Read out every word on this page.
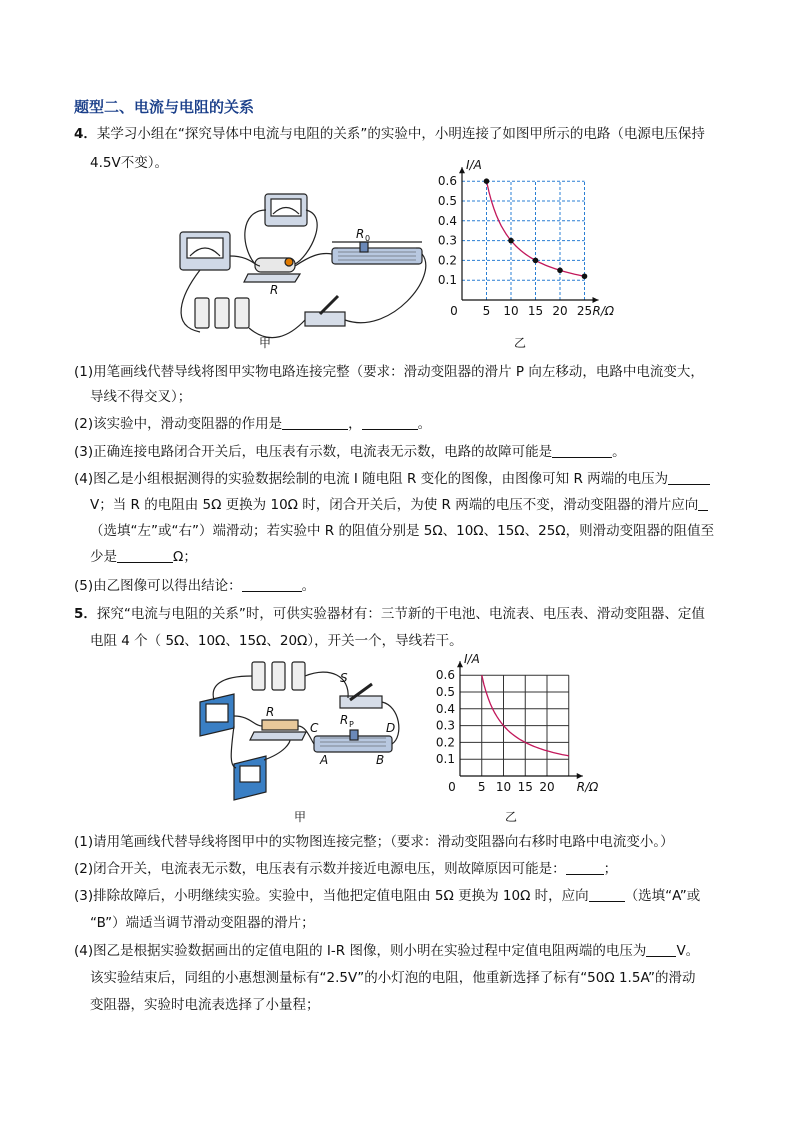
题型二、电流与电阻的关系
4．某学习小组在“探究导体中电流与电阻的关系”的实验中，小明连接了如图甲所示的电路（电源电压保持
4.5V不变）。
R 0
R
甲
0 5 10 15 20 25
0.1
0.2
0.3
0.4
0.5
0.6
I/A
R/Ω
乙
(1)用笔画线代替导线将图甲实物电路连接完整（要求：滑动变阻器的滑片 P 向左移动，电路中电流变大，
导线不得交叉）；
(2)该实验中，滑动变阻器的作用是	，	。
(3)正确连接电路闭合开关后，电压表有示数，电流表无示数，电路的故障可能是	。
(4)图乙是小组根据测得的实验数据绘制的电流 I 随电阻 R 变化的图像，由图像可知 R 两端的电压为
V；当 R 的电阻由 5Ω 更换为 10Ω 时，闭合开关后，为使 R 两端的电压不变，滑动变阻器的滑片应向
（选填“左”或“右”）端滑动；若实验中 R 的阻值分别是 5Ω、10Ω、15Ω、25Ω，则滑动变阻器的阻值至
少是	Ω；
(5)由乙图像可以得出结论：	。
5．探究“电流与电阻的关系”时，可供实验器材有：三节新的干电池、电流表、电压表、滑动变阻器、定值
电阻 4 个（ 5Ω、10Ω、15Ω、20Ω），开关一个，导线若干。
S
R P
R
C	D
A	B
甲
0 5 10 15 20
0.1
0.2
0.3
0.4
0.5
0.6
I/A
R/Ω
乙
(1)请用笔画线代替导线将图甲中的实物图连接完整；（要求：滑动变阻器向右移时电路中电流变小。）
(2)闭合开关，电流表无示数，电压表有示数并接近电源电压，则故障原因可能是：	；
(3)排除故障后，小明继续实验。实验中，当他把定值电阻由 5Ω 更换为 10Ω 时，应向	（选填“A”或
“B”）端适当调节滑动变阻器的滑片；
(4)图乙是根据实验数据画出的定值电阻的 I-R 图像，则小明在实验过程中定值电阻两端的电压为 V。
该实验结束后，同组的小惠想测量标有“2.5V”的小灯泡的电阻，他重新选择了标有“50Ω 1.5A”的滑动
变阻器，实验时电流表选择了小量程；
